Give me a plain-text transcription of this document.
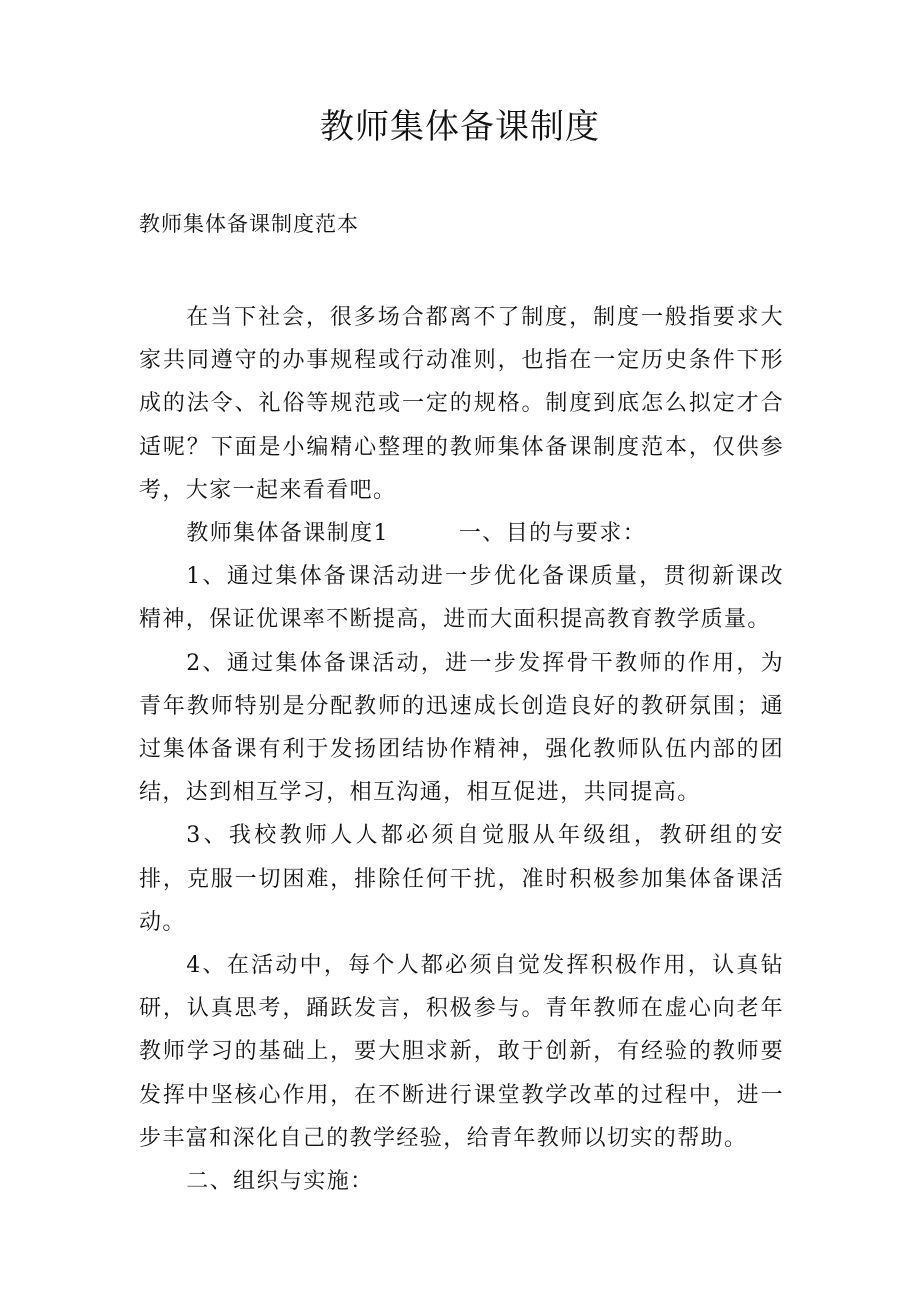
教师集体备课制度

教师集体备课制度范本

在当下社会，很多场合都离不了制度，制度一般指要求大家共同遵守的办事规程或行动准则，也指在一定历史条件下形成的法令、礼俗等规范或一定的规格。制度到底怎么拟定才合适呢？下面是小编精心整理的教师集体备课制度范本，仅供参考，大家一起来看看吧。

教师集体备课制度1	一、目的与要求：

1、通过集体备课活动进一步优化备课质量，贯彻新课改精神，保证优课率不断提高，进而大面积提高教育教学质量。

2、通过集体备课活动，进一步发挥骨干教师的作用，为青年教师特别是分配教师的迅速成长创造良好的教研氛围；通过集体备课有利于发扬团结协作精神，强化教师队伍内部的团结，达到相互学习，相互沟通，相互促进，共同提高。

3、我校教师人人都必须自觉服从年级组，教研组的安排，克服一切困难，排除任何干扰，准时积极参加集体备课活动。

4、在活动中，每个人都必须自觉发挥积极作用，认真钻研，认真思考，踊跃发言，积极参与。青年教师在虚心向老年教师学习的基础上，要大胆求新，敢于创新，有经验的教师要发挥中坚核心作用，在不断进行课堂教学改革的过程中，进一步丰富和深化自己的教学经验，给青年教师以切实的帮助。

二、组织与实施：
